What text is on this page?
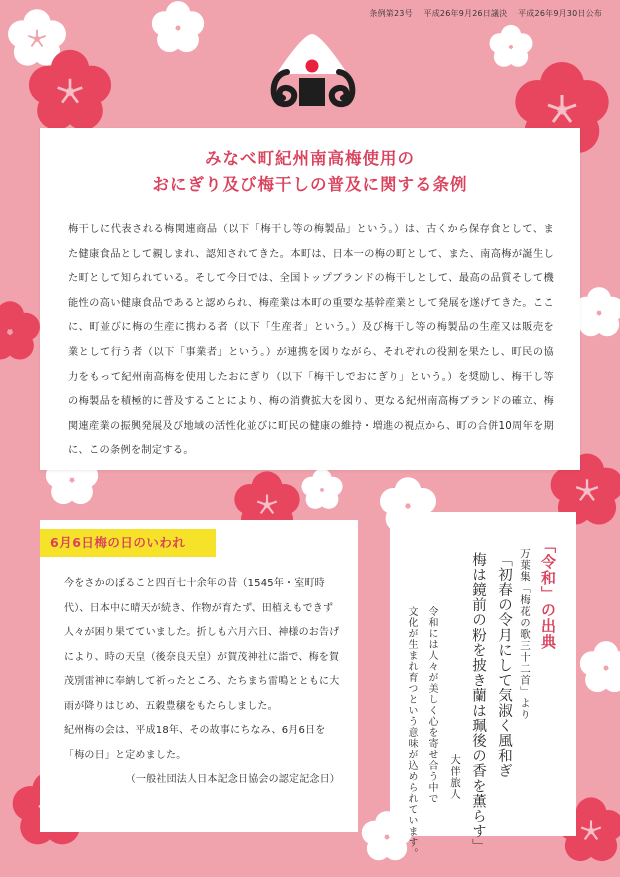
条例第23号 平成26年9月26日議決 平成26年9月30日公布
みなべ町紀州南高梅使用の
おにぎり及び梅干しの普及に関する条例
梅干しに代表される梅関連商品（以下「梅干し等の梅製品」という。）は、古くから保存食として、また健康食品として親しまれ、認知されてきた。本町は、日本一の梅の町として、また、南高梅が誕生した町として知られている。そして今日では、全国トップブランドの梅干しとして、最高の品質そして機能性の高い健康食品であると認められ、梅産業は本町の重要な基幹産業として発展を遂げてきた。ここに、町並びに梅の生産に携わる者（以下「生産者」という。）及び梅干し等の梅製品の生産又は販売を業として行う者（以下「事業者」という。）が連携を図りながら、それぞれの役割を果たし、町民の協力をもって紀州南高梅を使用したおにぎり（以下「梅干しでおにぎり」という。）を奨励し、梅干し等の梅製品を積極的に普及することにより、梅の消費拡大を図り、更なる紀州南高梅ブランドの確立、梅関連産業の振興発展及び地域の活性化並びに町民の健康の維持・増進の視点から、町の合併10周年を期に、この条例を制定する。
6月6日梅の日のいわれ

今をさかのぼること四百七十余年の昔（1545年・室町時代）、日本中に晴天が続き、作物が育たず、田植えもできず人々が困り果てていました。折しも六月六日、神様のお告げにより、時の天皇（後奈良天皇）が賀茂神社に詣で、梅を賀茂別雷神に奉納して祈ったところ、たちまち雷鳴とともに大雨が降りはじめ、五穀豊穣をもたらしました。

紀州梅の会は、平成18年、その故事にちなみ、6月6日を「梅の日」と定めました。

（一般社団法人日本記念日協会の認定記念日）

「令和」の出典
万葉集「梅花の歌三十二首」より
「初春の令月にして気淑く風和ぎ
梅は鏡前の粉を披き蘭は珮後の香を薫らす」
大伴旅人
令和には人々が美しく心を寄せ合う中で
文化が生まれ育つという意味が込められています。
